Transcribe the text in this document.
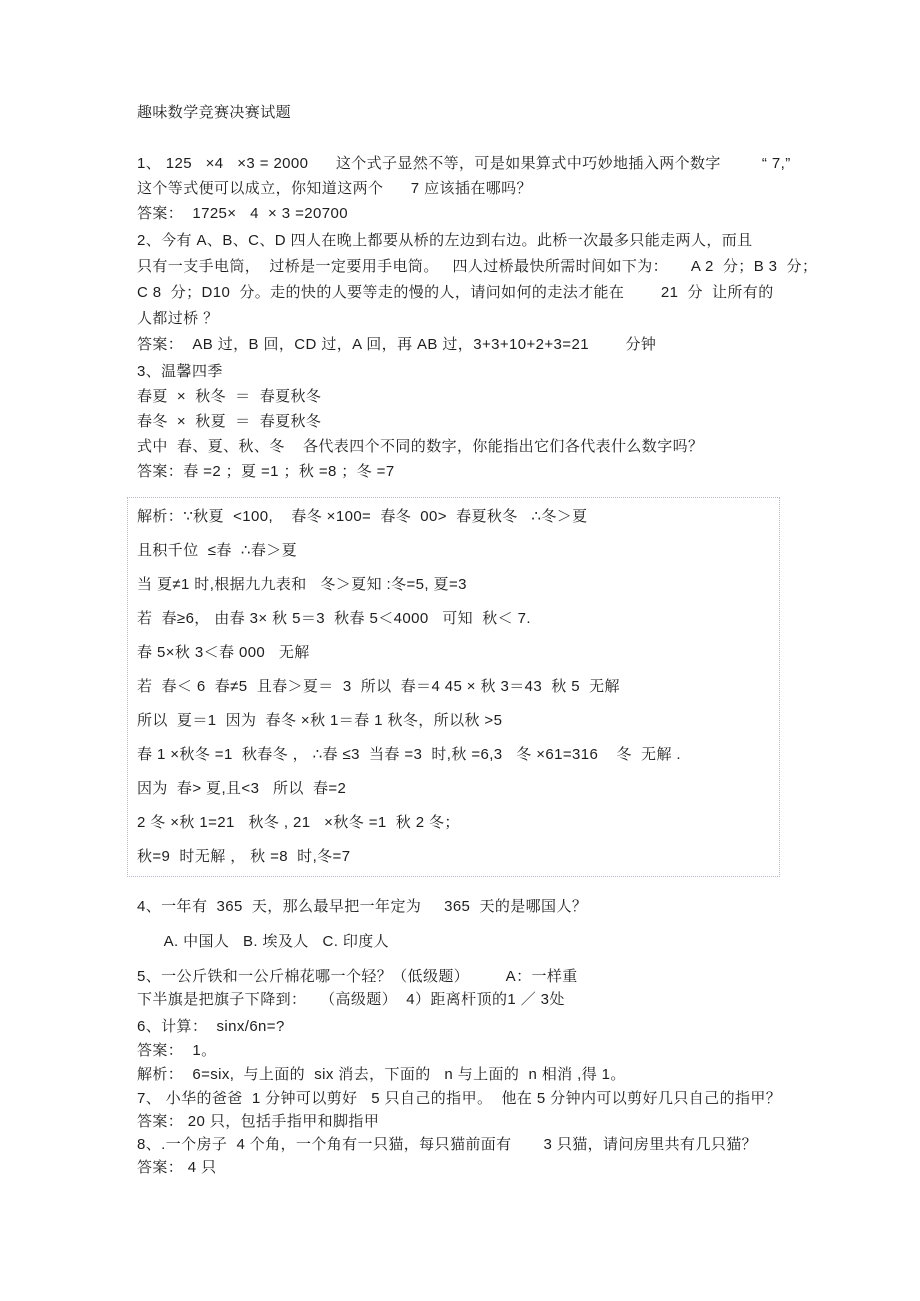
趣味数学竞赛决赛试题
1、 125   ×4   ×3 = 2000      这个式子显然不等，可是如果算式中巧妙地插入两个数字         “ 7,”
这个等式便可以成立，你知道这两个      7 应该插在哪吗？
答案：  1725×   4  × 3 =20700
2、今有 A、B、C、D 四人在晚上都要从桥的左边到右边。此桥一次最多只能走两人，而且
只有一支手电筒，  过桥是一定要用手电筒。   四人过桥最快所需时间如下为：     A 2  分；B 3  分；
C 8  分；D10  分。走的快的人要等走的慢的人，请问如何的走法才能在        21  分  让所有的
人都过桥 ？
答案：  AB 过，B 回，CD 过，A 回，再 AB 过，3+3+10+2+3=21        分钟
3、温馨四季
春夏  ×  秋冬  ＝  春夏秋冬
春冬  ×  秋夏  ＝  春夏秋冬
式中  春、夏、秋、冬    各代表四个不同的数字，你能指出它们各代表什么数字吗？
答案：春 =2 ；夏 =1 ；秋 =8 ；冬 =7
解析：∵秋夏  <100,    春冬 ×100=  春冬  00>  春夏秋冬   ∴冬＞夏
且积千位  ≤春  ∴春＞夏
当 夏≠1 时,根据九九表和   冬＞夏知 :冬=5, 夏=3
若  春≥6， 由春 3× 秋 5＝3  秋春 5＜4000   可知  秋＜ 7.
春 5×秋 3＜春 000   无解
若  春＜ 6  春≠5  且春＞夏＝  3  所以  春＝4 45 × 秋 3＝43  秋 5  无解
所以  夏＝1  因为  春冬 ×秋 1＝春 1 秋冬，所以秋 >5
春 1 ×秋冬 =1  秋春冬 ， ∴春 ≤3  当春 =3  时,秋 =6,3   冬 ×61=316    冬  无解 .
因为  春> 夏,且<3   所以  春=2
2 冬 ×秋 1=21   秋冬 , 21   ×秋冬 =1  秋 2 冬；
秋=9  时无解 ， 秋 =8  时,冬=7
4、一年有  365  天，那么最早把一年定为     365  天的是哪国人？
A. 中国人   B. 埃及人   C. 印度人
5、一公斤铁和一公斤棉花哪一个轻？（低级题）        A：一样重
下半旗是把旗子下降到：   （高级题）  4）距离杆顶的1 ／ 3处
6、计算：  sinx/6n=?
答案：  1。
解析：  6=six,  与上面的  six 消去，下面的   n 与上面的  n 相消 ,得 1。
7、 小华的爸爸  1 分钟可以剪好   5 只自己的指甲。  他在 5 分钟内可以剪好几只自己的指甲？
答案： 20 只，包括手指甲和脚指甲
8、.一个房子  4 个角，一个角有一只猫，每只猫前面有       3 只猫，请问房里共有几只猫？
答案： 4 只
